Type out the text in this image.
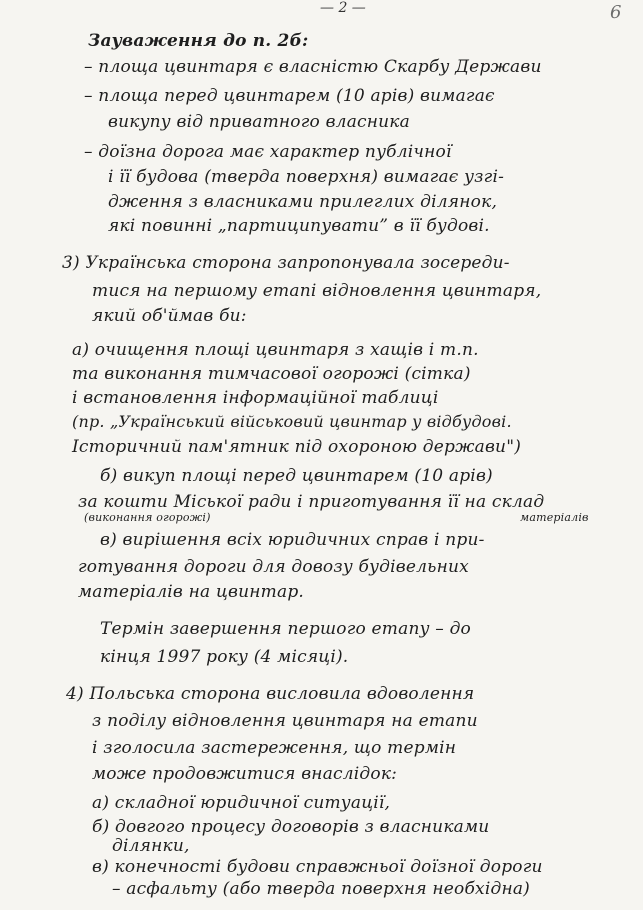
— 2 —	6
Зауваження до п. 2б:
– площа цвинтаря є власністю Скарбу Держави
– площа перед цвинтарем (10 арів) вимагає
викупу від приватного власника
– доїзна дорога має характер публічної
і її будова (тверда поверхня) вимагає узгі-
дження з власниками прилеглих ділянок,
які повинні „партиципувати” в її будові.
3) Українська сторона запропонувала зосереди-
тися на першому етапі відновлення цвинтаря,
який об'ймав би:
а) очищення площі цвинтаря з хащів і т.п.
та виконання тимчасової огорожі (сітка)
і встановлення інформаційної таблиці
(пр. „Український військовий цвинтар у відбудові.
Історичний пам'ятник під охороною держави")
б) викуп площі перед цвинтарем (10 арів)
за кошти Міської ради і приготування її на склад
(виконання огорожі)	матеріалів
в) вирішення всіх юридичних справ і при-
готування дороги для довозу будівельних
матеріалів на цвинтар.
Термін завершення першого етапу – до
кінця 1997 року (4 місяці).
4) Польська сторона висловила вдоволення
з поділу відновлення цвинтаря на етапи
і зголосила застереження, що термін
може продовжитися внаслідок:
а) складної юридичної ситуації,
б) довгого процесу договорів з власниками
ділянки,
в) конечності будови справжньої доїзної дороги
– асфальту (або тверда поверхня необхідна)
